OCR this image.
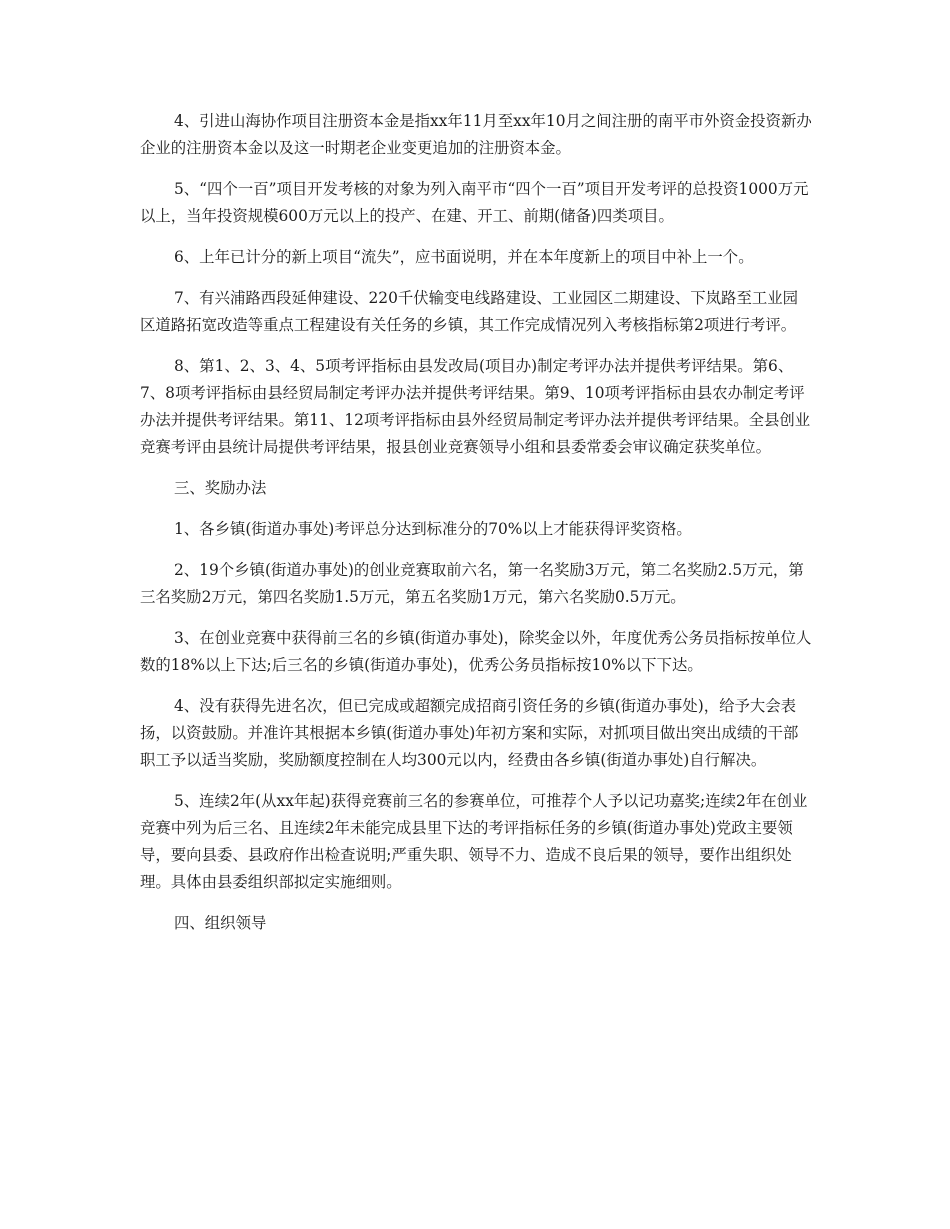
4、引进山海协作项目注册资本金是指xx年11月至xx年10月之间注册的南平市外资金投资新办企业的注册资本金以及这一时期老企业变更追加的注册资本金。

5、“四个一百”项目开发考核的对象为列入南平市“四个一百”项目开发考评的总投资1000万元以上，当年投资规模600万元以上的投产、在建、开工、前期(储备)四类项目。

6、上年已计分的新上项目“流失”，应书面说明，并在本年度新上的项目中补上一个。

7、有兴浦路西段延伸建设、220千伏输变电线路建设、工业园区二期建设、下岚路至工业园区道路拓宽改造等重点工程建设有关任务的乡镇，其工作完成情况列入考核指标第2项进行考评。

8、第1、2、3、4、5项考评指标由县发改局(项目办)制定考评办法并提供考评结果。第6、7、8项考评指标由县经贸局制定考评办法并提供考评结果。第9、10项考评指标由县农办制定考评办法并提供考评结果。第11、12项考评指标由县外经贸局制定考评办法并提供考评结果。全县创业竞赛考评由县统计局提供考评结果，报县创业竞赛领导小组和县委常委会审议确定获奖单位。

三、奖励办法

1、各乡镇(街道办事处)考评总分达到标准分的70%以上才能获得评奖资格。

2、19个乡镇(街道办事处)的创业竞赛取前六名，第一名奖励3万元，第二名奖励2.5万元，第三名奖励2万元，第四名奖励1.5万元，第五名奖励1万元，第六名奖励0.5万元。

3、在创业竞赛中获得前三名的乡镇(街道办事处)，除奖金以外，年度优秀公务员指标按单位人数的18%以上下达;后三名的乡镇(街道办事处)，优秀公务员指标按10%以下下达。

4、没有获得先进名次，但已完成或超额完成招商引资任务的乡镇(街道办事处)，给予大会表扬，以资鼓励。并准许其根据本乡镇(街道办事处)年初方案和实际，对抓项目做出突出成绩的干部职工予以适当奖励，奖励额度控制在人均300元以内，经费由各乡镇(街道办事处)自行解决。

5、连续2年(从xx年起)获得竞赛前三名的参赛单位，可推荐个人予以记功嘉奖;连续2年在创业竞赛中列为后三名、且连续2年未能完成县里下达的考评指标任务的乡镇(街道办事处)党政主要领导，要向县委、县政府作出检查说明;严重失职、领导不力、造成不良后果的领导，要作出组织处理。具体由县委组织部拟定实施细则。

四、组织领导
